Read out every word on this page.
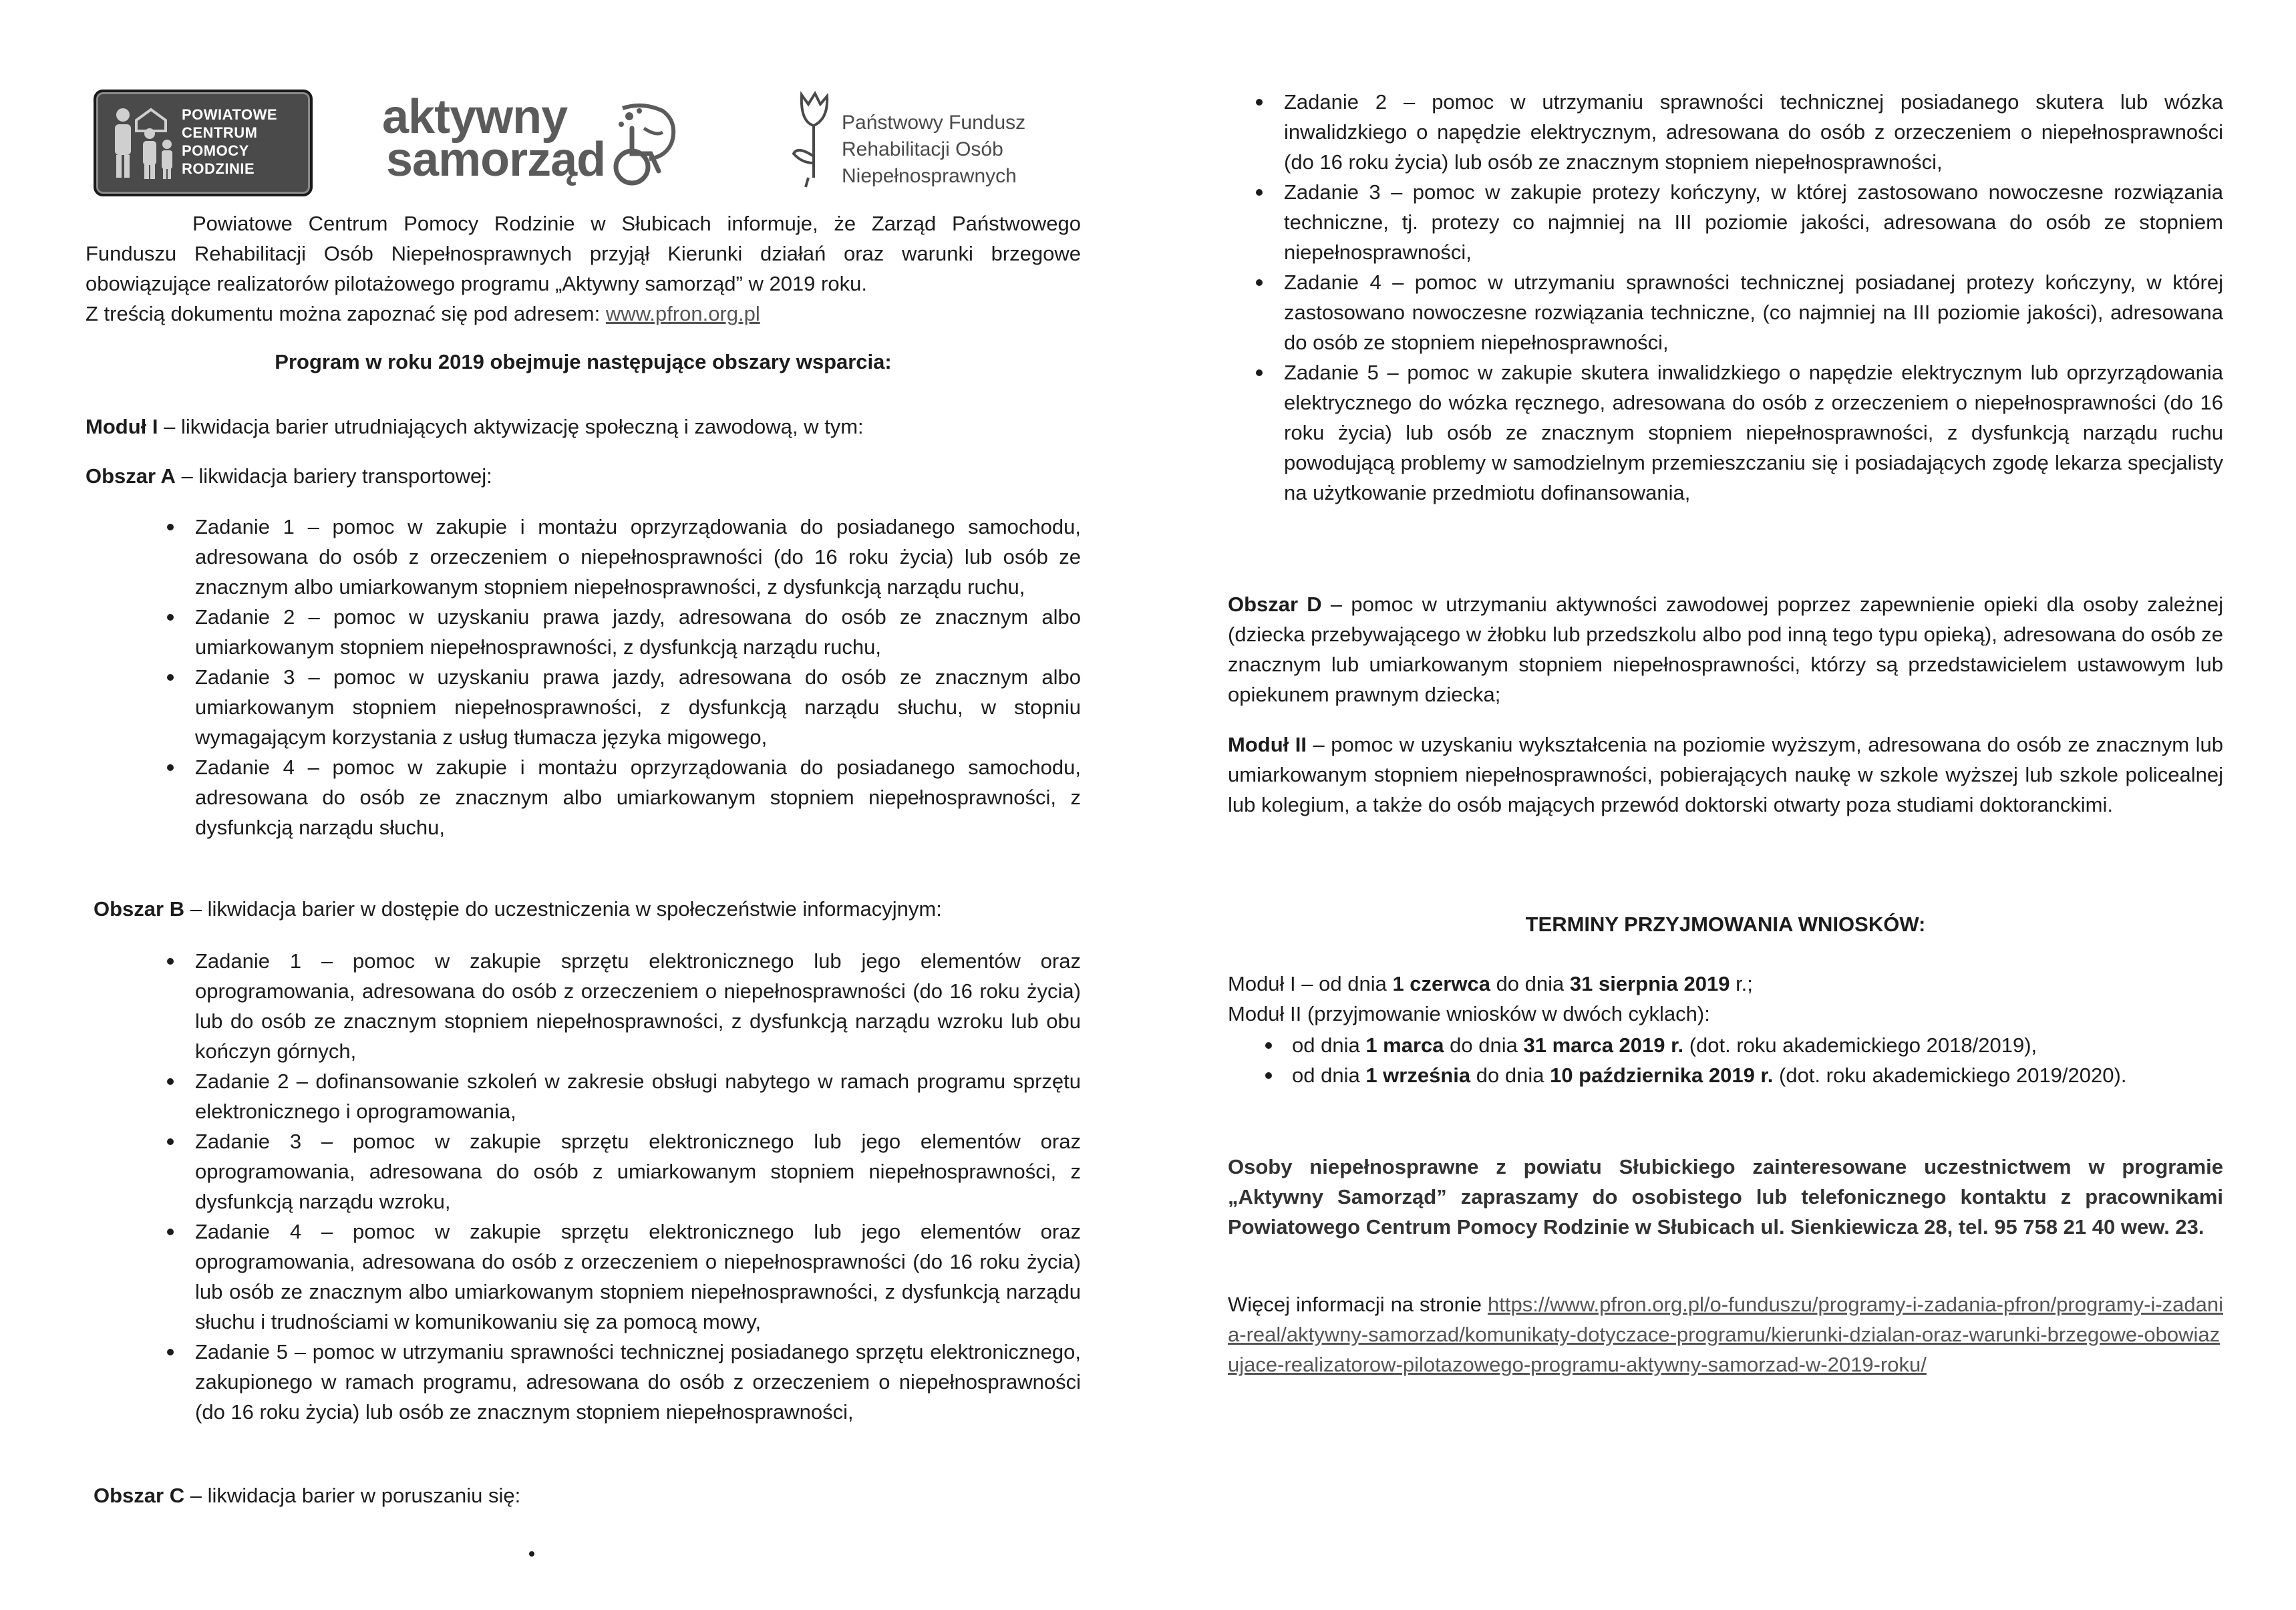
POWIATOWE
CENTRUM
POMOCY
RODZINIE
aktywny
samorząd
Państwowy Fundusz
Rehabilitacji Osób
Niepełnosprawnych

Powiatowe Centrum Pomocy Rodzinie w Słubicach informuje, że Zarząd Państwowego Funduszu Rehabilitacji Osób Niepełnosprawnych przyjął Kierunki działań oraz warunki brzegowe obowiązujące realizatorów pilotażowego programu „Aktywny samorząd” w 2019 roku.

Z treścią dokumentu można zapoznać się pod adresem: www.pfron.org.pl

Program w roku 2019 obejmuje następujące obszary wsparcia:

Moduł I – likwidacja barier utrudniających aktywizację społeczną i zawodową, w tym:

Obszar A – likwidacja bariery transportowej:

Zadanie 1 – pomoc w zakupie i montażu oprzyrządowania do posiadanego samochodu, adresowana do osób z orzeczeniem o niepełnosprawności (do 16 roku życia) lub osób ze znacznym albo umiarkowanym stopniem niepełnosprawności, z dysfunkcją narządu ruchu,
Zadanie 2 – pomoc w uzyskaniu prawa jazdy, adresowana do osób ze znacznym albo umiarkowanym stopniem niepełnosprawności, z dysfunkcją narządu ruchu,
Zadanie 3 – pomoc w uzyskaniu prawa jazdy, adresowana do osób ze znacznym albo umiarkowanym stopniem niepełnosprawności, z dysfunkcją narządu słuchu, w stopniu wymagającym korzystania z usług tłumacza języka migowego,
Zadanie 4 – pomoc w zakupie i montażu oprzyrządowania do posiadanego samochodu, adresowana do osób ze znacznym albo umiarkowanym stopniem niepełnosprawności, z dysfunkcją narządu słuchu,

Obszar B – likwidacja barier w dostępie do uczestniczenia w społeczeństwie informacyjnym:

Zadanie 1 – pomoc w zakupie sprzętu elektronicznego lub jego elementów oraz oprogramowania, adresowana do osób z orzeczeniem o niepełnosprawności (do 16 roku życia) lub do osób ze znacznym stopniem niepełnosprawności, z dysfunkcją narządu wzroku lub obu kończyn górnych,
Zadanie 2 – dofinansowanie szkoleń w zakresie obsługi nabytego w ramach programu sprzętu elektronicznego i oprogramowania,
Zadanie 3 – pomoc w zakupie sprzętu elektronicznego lub jego elementów oraz oprogramowania, adresowana do osób z umiarkowanym stopniem niepełnosprawności, z dysfunkcją narządu wzroku,
Zadanie 4 – pomoc w zakupie sprzętu elektronicznego lub jego elementów oraz oprogramowania, adresowana do osób z orzeczeniem o niepełnosprawności (do 16 roku życia) lub osób ze znacznym albo umiarkowanym stopniem niepełnosprawności, z dysfunkcją narządu słuchu i trudnościami w komunikowaniu się za pomocą mowy,
Zadanie 5 – pomoc w utrzymaniu sprawności technicznej posiadanego sprzętu elektronicznego, zakupionego w ramach programu, adresowana do osób z orzeczeniem o niepełnosprawności (do 16 roku życia) lub osób ze znacznym stopniem niepełnosprawności,

Obszar C – likwidacja barier w poruszaniu się:

Zadanie 2 – pomoc w utrzymaniu sprawności technicznej posiadanego skutera lub wózka inwalidzkiego o napędzie elektrycznym, adresowana do osób z orzeczeniem o niepełnosprawności (do 16 roku życia) lub osób ze znacznym stopniem niepełnosprawności,
Zadanie 3 – pomoc w zakupie protezy kończyny, w której zastosowano nowoczesne rozwiązania techniczne, tj. protezy co najmniej na III poziomie jakości, adresowana do osób ze stopniem niepełnosprawności,
Zadanie 4 – pomoc w utrzymaniu sprawności technicznej posiadanej protezy kończyny, w której zastosowano nowoczesne rozwiązania techniczne, (co najmniej na III poziomie jakości), adresowana do osób ze stopniem niepełnosprawności,
Zadanie 5 – pomoc w zakupie skutera inwalidzkiego o napędzie elektrycznym lub oprzyrządowania elektrycznego do wózka ręcznego, adresowana do osób z orzeczeniem o niepełnosprawności (do 16 roku życia) lub osób ze znacznym stopniem niepełnosprawności, z dysfunkcją narządu ruchu powodującą problemy w samodzielnym przemieszczaniu się i posiadających zgodę lekarza specjalisty na użytkowanie przedmiotu dofinansowania,

Obszar D – pomoc w utrzymaniu aktywności zawodowej poprzez zapewnienie opieki dla osoby zależnej (dziecka przebywającego w żłobku lub przedszkolu albo pod inną tego typu opieką), adresowana do osób ze znacznym lub umiarkowanym stopniem niepełnosprawności, którzy są przedstawicielem ustawowym lub opiekunem prawnym dziecka;

Moduł II – pomoc w uzyskaniu wykształcenia na poziomie wyższym, adresowana do osób ze znacznym lub umiarkowanym stopniem niepełnosprawności, pobierających naukę w szkole wyższej lub szkole policealnej lub kolegium, a także do osób mających przewód doktorski otwarty poza studiami doktoranckimi.

TERMINY PRZYJMOWANIA WNIOSKÓW:

Moduł I – od dnia 1 czerwca do dnia 31 sierpnia 2019 r.;

Moduł II (przyjmowanie wniosków w dwóch cyklach):

od dnia 1 marca do dnia 31 marca 2019 r. (dot. roku akademickiego 2018/2019),
od dnia 1 września do dnia 10 października 2019 r. (dot. roku akademickiego 2019/2020).

Osoby niepełnosprawne z powiatu Słubickiego zainteresowane uczestnictwem w programie „Aktywny Samorząd” zapraszamy do osobistego lub telefonicznego kontaktu z pracownikami Powiatowego Centrum Pomocy Rodzinie w Słubicach ul. Sienkiewicza 28, tel. 95 758 21 40 wew. 23.

Więcej informacji na stronie https://www.pfron.org.pl/o-funduszu/programy-i-zadania-pfron/programy-i-zadania-real/aktywny-samorzad/komunikaty-dotyczace-programu/kierunki-dzialan-oraz-warunki-brzegowe-obowiazujace-realizatorow-pilotazowego-programu-aktywny-samorzad-w-2019-roku/
